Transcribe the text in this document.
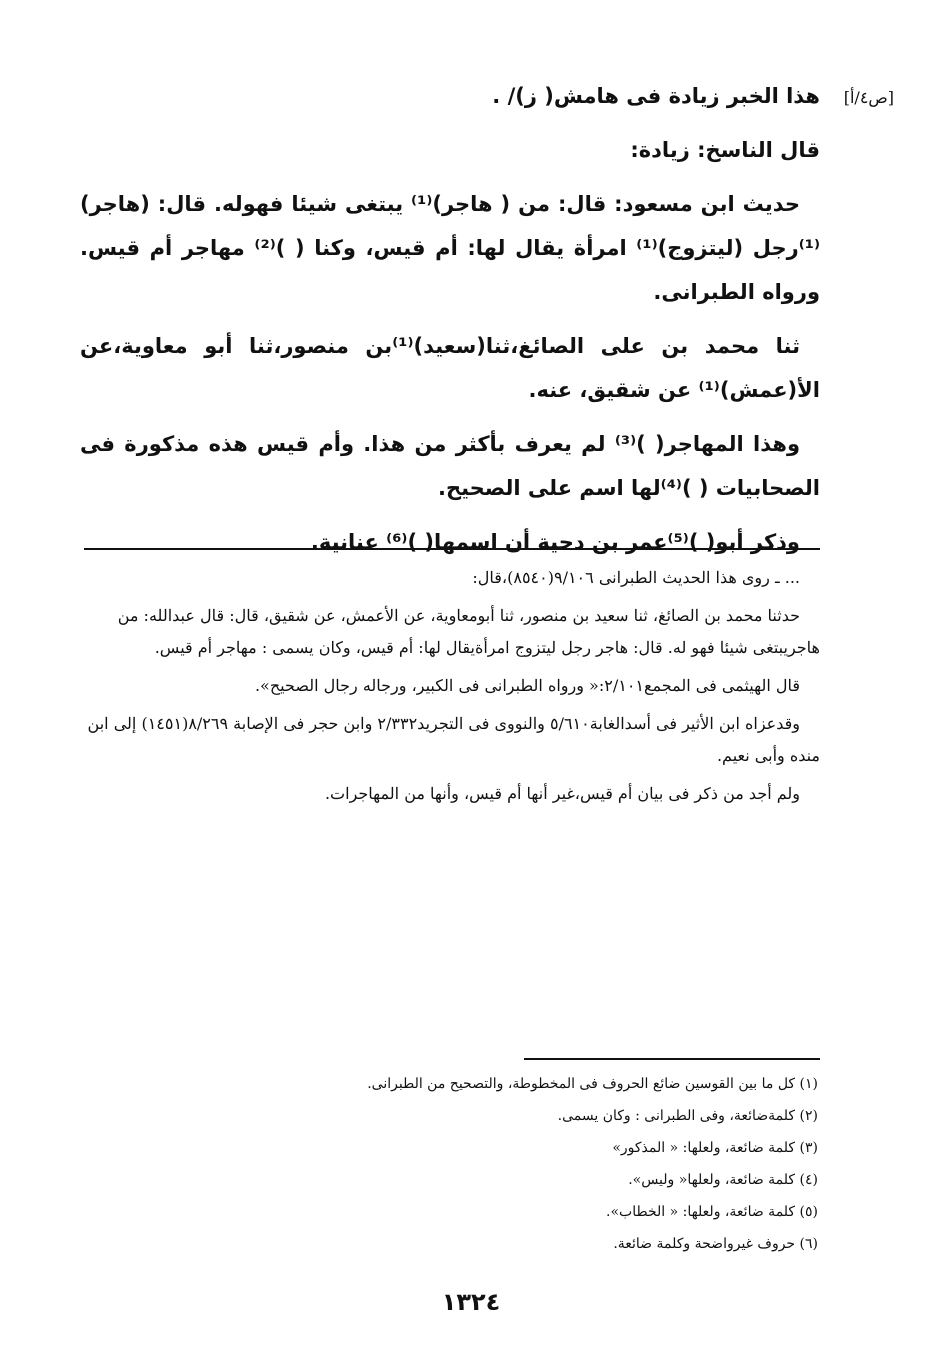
[ص٤/أ]

هذا الخبر زيادة فى هامش( ز)/ .

قال الناسخ: زيادة:

حديث ابن مسعود: قال: من ( هاجر)⁽¹⁾ يبتغى شيئا فهوله. قال: (هاجر)⁽¹⁾رجل (ليتزوج)⁽¹⁾ امرأة يقال لها: أم قيس، وكنا ( )⁽²⁾ مهاجر أم قيس. ورواه الطبرانى.

ثنا محمد بن على الصائغ،ثنا(سعيد)⁽¹⁾بن منصور،ثنا أبو معاوية،عن الأ(عمش)⁽¹⁾ عن شقيق، عنه.

وهذا المهاجر( )⁽³⁾ لم يعرف بأكثر من هذا. وأم قيس هذه مذكورة فى الصحابيات ( )⁽⁴⁾لها اسم على الصحيح.

وذكر أبو( )⁽⁵⁾عمر بن دحية أن اسمها( )⁽⁶⁾ عنانية.

... ـ روى هذا الحديث الطبرانى ٩/١٠٦(٨٥٤٠)،قال:

حدثنا محمد بن الصائغ، ثنا سعيد بن منصور، ثنا أبومعاوية، عن الأعمش، عن شقيق، قال: قال عبدالله: من هاجريبتغى شيئا فهو له. قال: هاجر رجل ليتزوج امرأةيقال لها: أم قيس، وكان يسمى : مهاجر أم قيس.

قال الهيثمى فى المجمع٢/١٠١:« ورواه الطبرانى فى الكبير، ورجاله رجال الصحيح».

وقدعزاه ابن الأثير فى أسدالغابة٥/٦١٠ والنووى فى التجريد٢/٣٣٢ وابن حجر فى الإصابة ٨/٢٦٩(١٤٥١) إلى ابن منده وأبى نعيم.

ولم أجد من ذكر فى بيان أم قيس،غير أنها أم قيس، وأنها من المهاجرات.

(١) كل ما بين القوسين ضائع الحروف فى المخطوطة، والتصحيح من الطبرانى.
(٢) كلمةضائعة، وفى الطبرانى : وكان يسمى.
(٣) كلمة ضائعة، ولعلها: « المذكور»
(٤) كلمة ضائعة، ولعلها« وليس».
(٥) كلمة ضائعة، ولعلها: « الخطاب».
(٦) حروف غيرواضحة وكلمة ضائعة.
١٣٢٤
